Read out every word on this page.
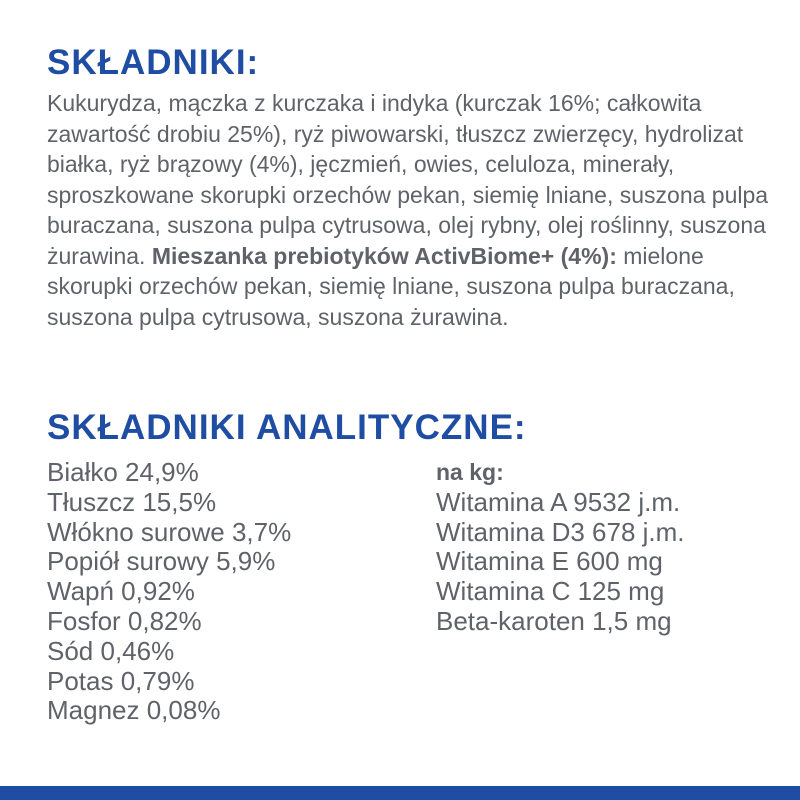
SKŁADNIKI:

Kukurydza, mączka z kurczaka i indyka (kurczak 16%; całkowita zawartość drobiu 25%), ryż piwowarski, tłuszcz zwierzęcy, hydrolizat białka, ryż brązowy (4%), jęczmień, owies, celuloza, minerały, sproszkowane skorupki orzechów pekan, siemię lniane, suszona pulpa buraczana, suszona pulpa cytrusowa, olej rybny, olej roślinny, suszona żurawina. Mieszanka prebiotyków ActivBiome+ (4%): mielone skorupki orzechów pekan, siemię lniane, suszona pulpa buraczana, suszona pulpa cytrusowa, suszona żurawina.

SKŁADNIKI ANALITYCZNE:
Białko 24,9%
Tłuszcz 15,5%
Włókno surowe 3,7%
Popiół surowy 5,9%
Wapń 0,92%
Fosfor 0,82%
Sód 0,46%
Potas 0,79%
Magnez 0,08%
na kg:
Witamina A 9532 j.m.
Witamina D3 678 j.m.
Witamina E 600 mg
Witamina C 125 mg
Beta-karoten 1,5 mg
